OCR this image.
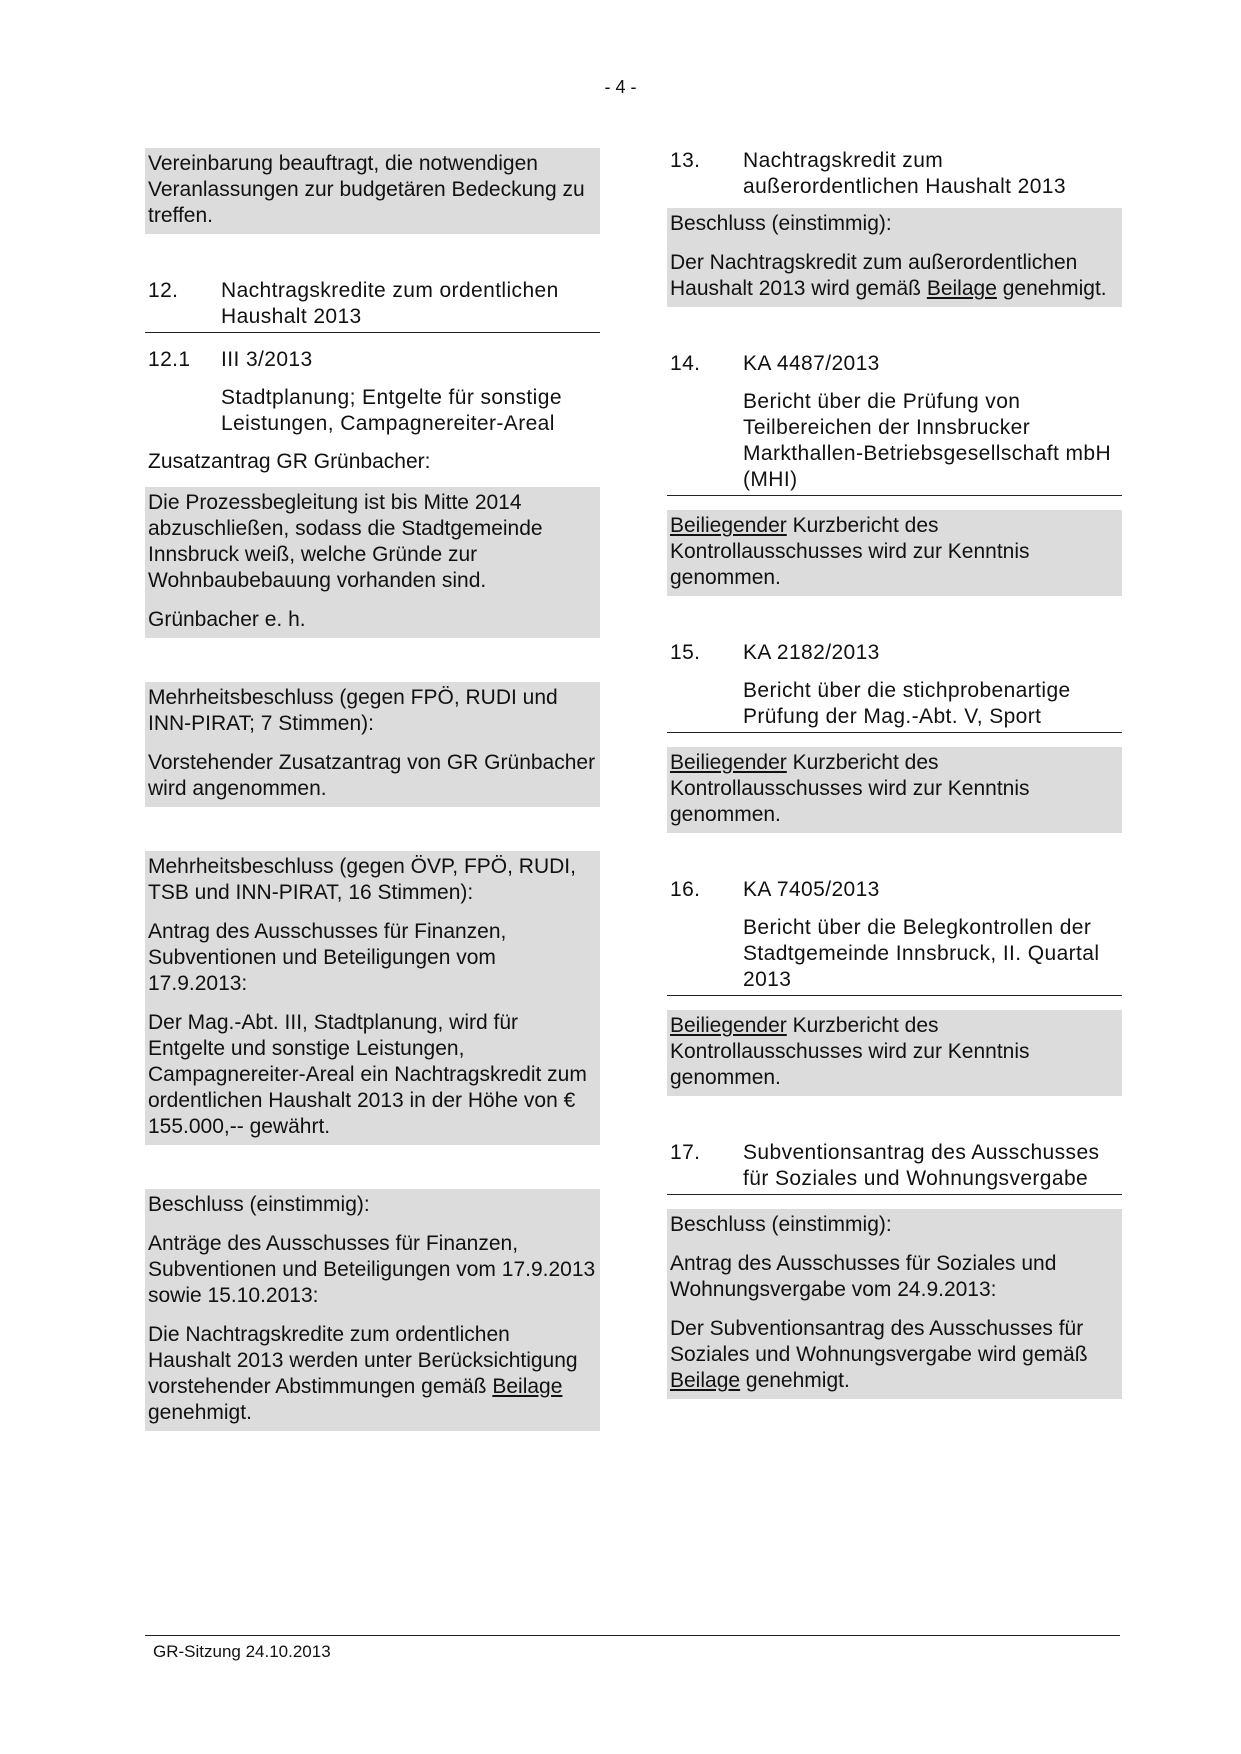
- 4 -

Vereinbarung beauftragt, die notwendigen Veranlassungen zur budgetären Bedeckung zu treffen.

12.	Nachtragskredite zum ordentlichen Haushalt 2013
12.1	III 3/2013

Stadtplanung; Entgelte für sonstige Leistungen, Campagnereiter-Areal

Zusatzantrag GR Grünbacher:

Die Prozessbegleitung ist bis Mitte 2014 abzuschließen, sodass die Stadtgemeinde Innsbruck weiß, welche Gründe zur Wohnbaubebauung vorhanden sind.

Grünbacher e. h.

Mehrheitsbeschluss (gegen FPÖ, RUDI und INN-PIRAT; 7 Stimmen):

Vorstehender Zusatzantrag von GR Grünbacher wird angenommen.

Mehrheitsbeschluss (gegen ÖVP, FPÖ, RUDI, TSB und INN-PIRAT, 16 Stimmen):

Antrag des Ausschusses für Finanzen, Subventionen und Beteiligungen vom 17.9.2013:

Der Mag.-Abt. III, Stadtplanung, wird für Entgelte und sonstige Leistungen, Campagnereiter-Areal ein Nachtragskredit zum ordentlichen Haushalt 2013 in der Höhe von € 155.000,-- gewährt.

Beschluss (einstimmig):

Anträge des Ausschusses für Finanzen, Subventionen und Beteiligungen vom 17.9.2013 sowie 15.10.2013:

Die Nachtragskredite zum ordentlichen Haushalt 2013 werden unter Berücksichtigung vorstehender Abstimmungen gemäß Beilage genehmigt.

13.	Nachtragskredit zum außerordentlichen Haushalt 2013

Beschluss (einstimmig):

Der Nachtragskredit zum außerordentlichen Haushalt 2013 wird gemäß Beilage genehmigt.

14.	KA 4487/2013

Bericht über die Prüfung von Teilbereichen der Innsbrucker Markthallen-Betriebsgesellschaft mbH (MHI)

Beiliegender Kurzbericht des Kontrollausschusses wird zur Kenntnis genommen.

15.	KA 2182/2013

Bericht über die stichprobenartige Prüfung der Mag.-Abt. V, Sport

Beiliegender Kurzbericht des Kontrollausschusses wird zur Kenntnis genommen.

16.	KA 7405/2013

Bericht über die Belegkontrollen der Stadtgemeinde Innsbruck, II. Quartal 2013

Beiliegender Kurzbericht des Kontrollausschusses wird zur Kenntnis genommen.

17.	Subventionsantrag des Ausschusses für Soziales und Wohnungsvergabe

Beschluss (einstimmig):

Antrag des Ausschusses für Soziales und Wohnungsvergabe vom 24.9.2013:

Der Subventionsantrag des Ausschusses für Soziales und Wohnungsvergabe wird gemäß Beilage genehmigt.

GR-Sitzung 24.10.2013
